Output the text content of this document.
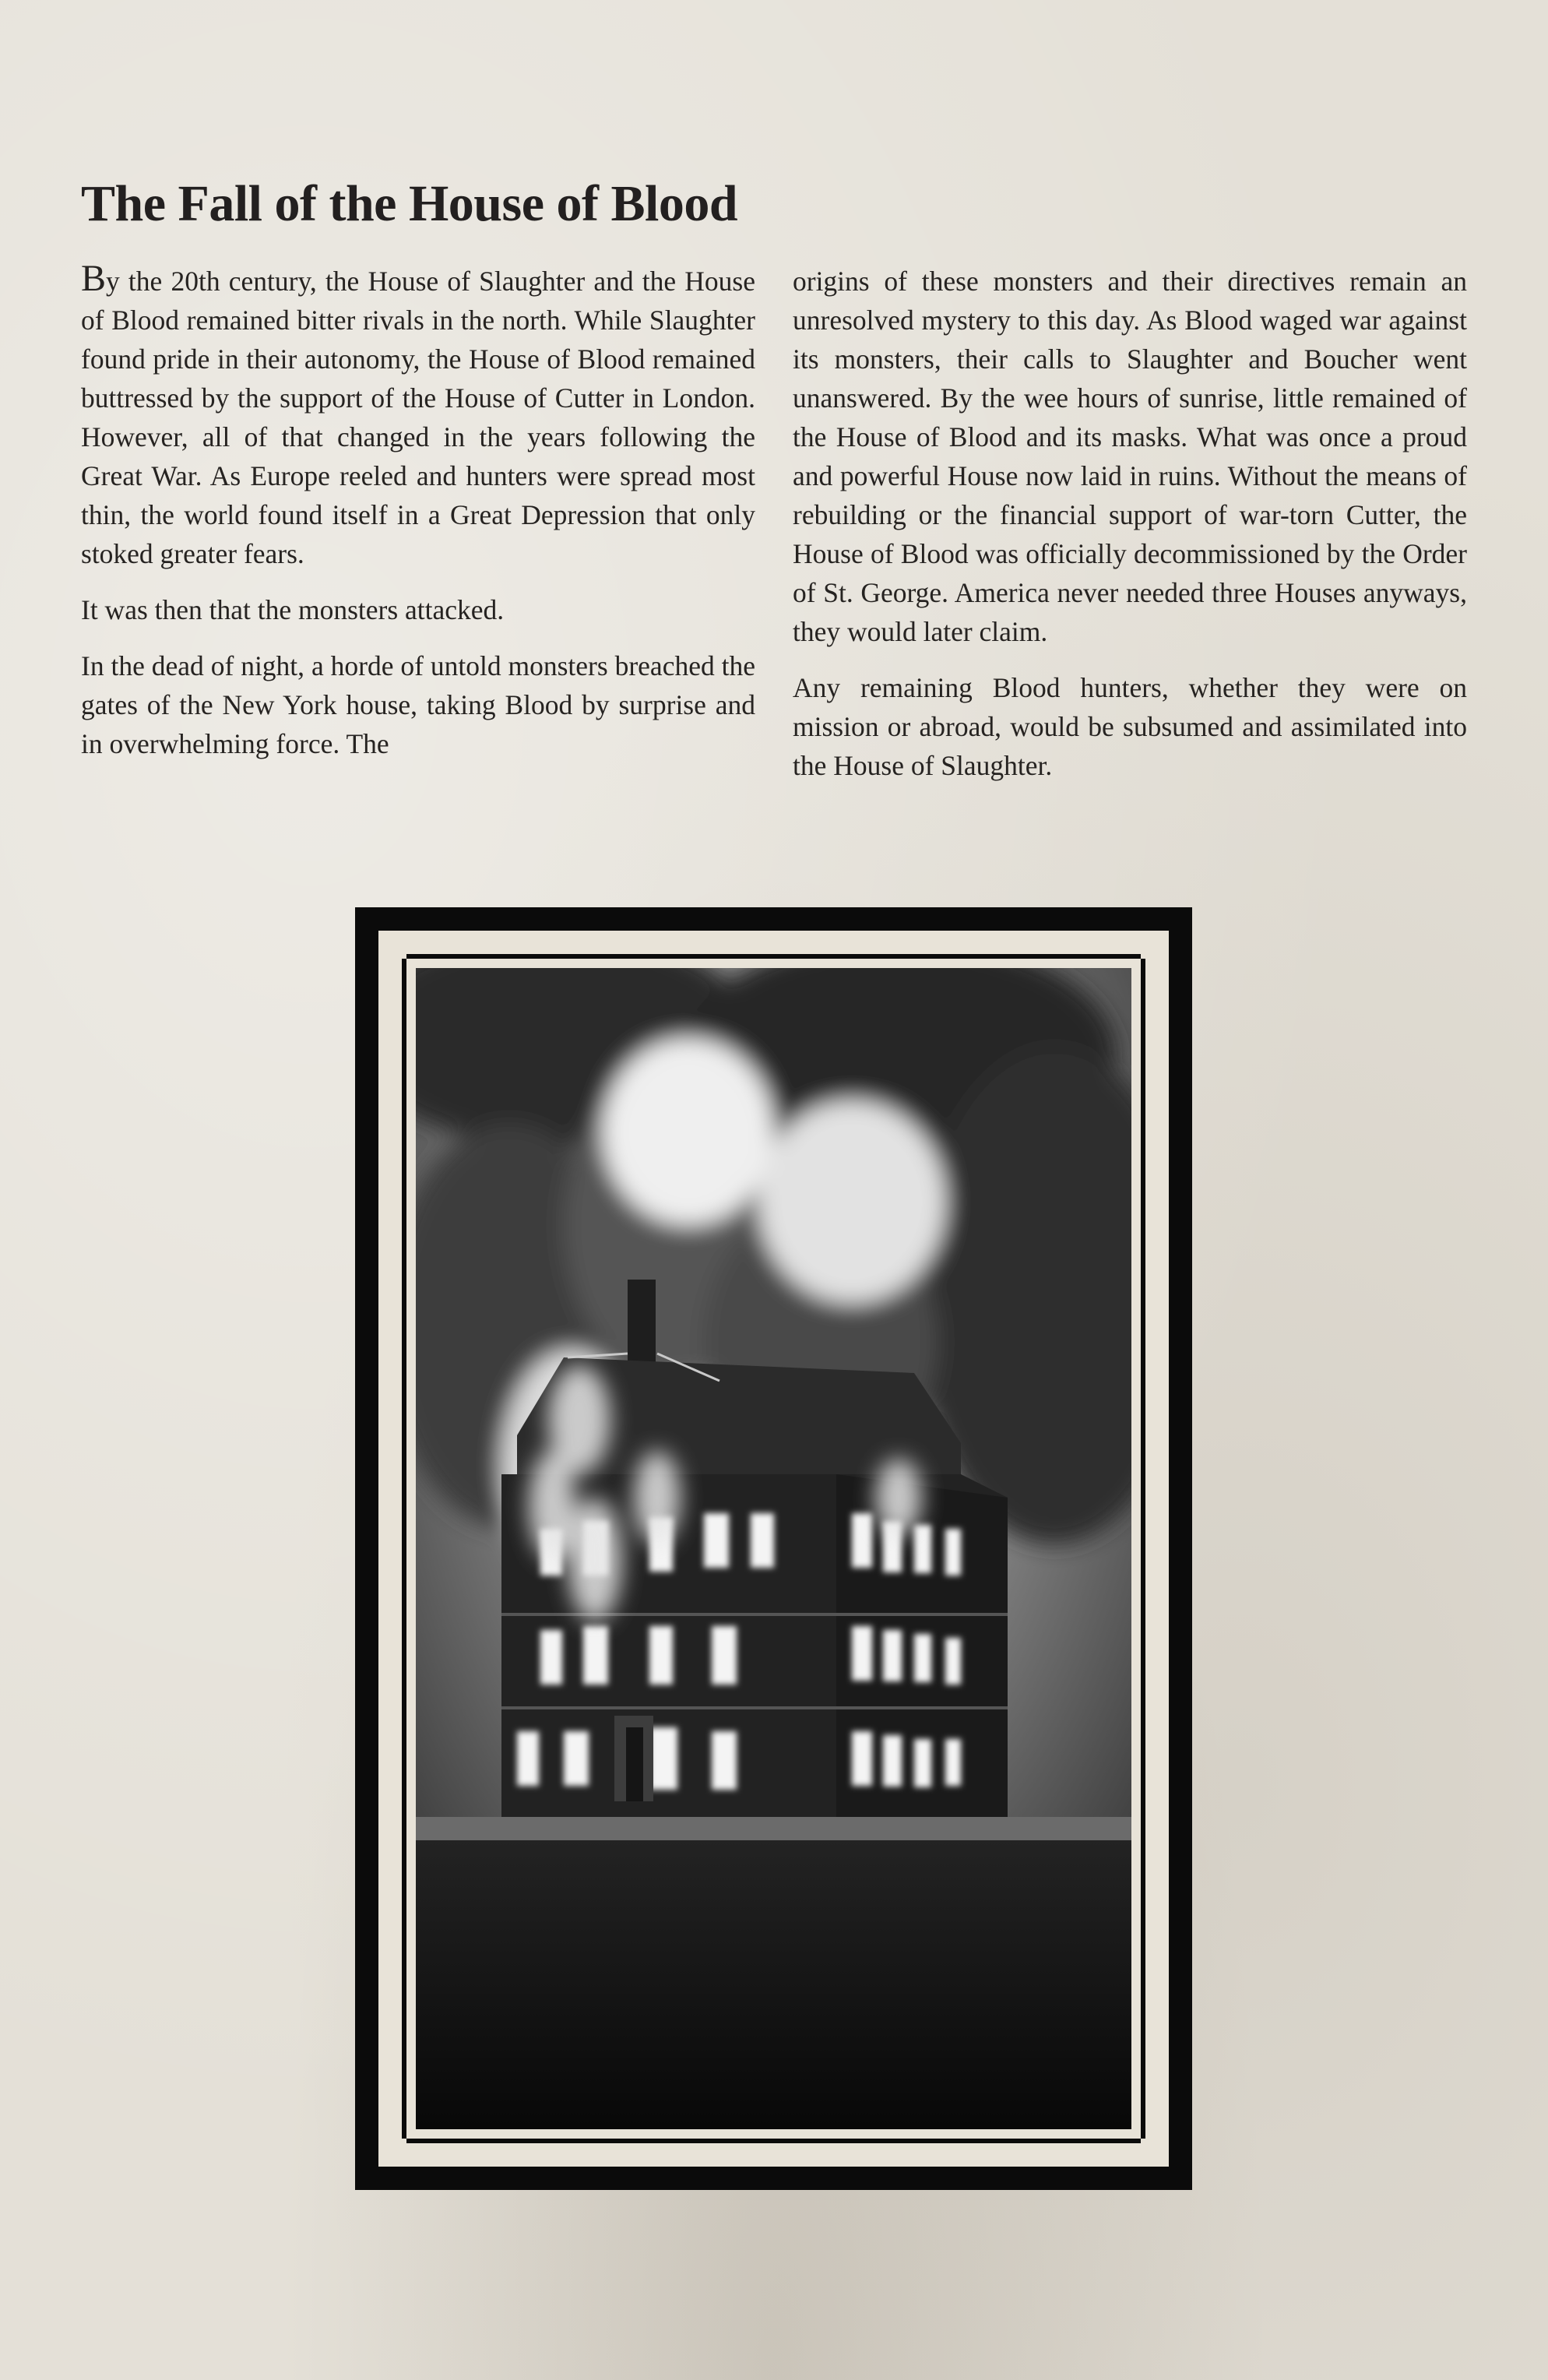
The Fall of the House of Blood

By the 20th century, the House of Slaughter and the House of Blood remained bitter rivals in the north. While Slaughter found pride in their autonomy, the House of Blood remained buttressed by the support of the House of Cutter in London. However, all of that changed in the years following the Great War. As Europe reeled and hunters were spread most thin, the world found itself in a Great Depression that only stoked greater fears.

It was then that the monsters attacked.

In the dead of night, a horde of untold monsters breached the gates of the New York house, taking Blood by surprise and in overwhelming force. The

origins of these monsters and their directives remain an unresolved mystery to this day. As Blood waged war against its monsters, their calls to Slaughter and Boucher went unanswered. By the wee hours of sunrise, little remained of the House of Blood and its masks. What was once a proud and powerful House now laid in ruins. Without the means of rebuilding or the financial support of war-torn Cutter, the House of Blood was officially decommissioned by the Order of St. George. America never needed three Houses anyways, they would later claim.

Any remaining Blood hunters, whether they were on mission or abroad, would be subsumed and assimilated into the House of Slaughter.
